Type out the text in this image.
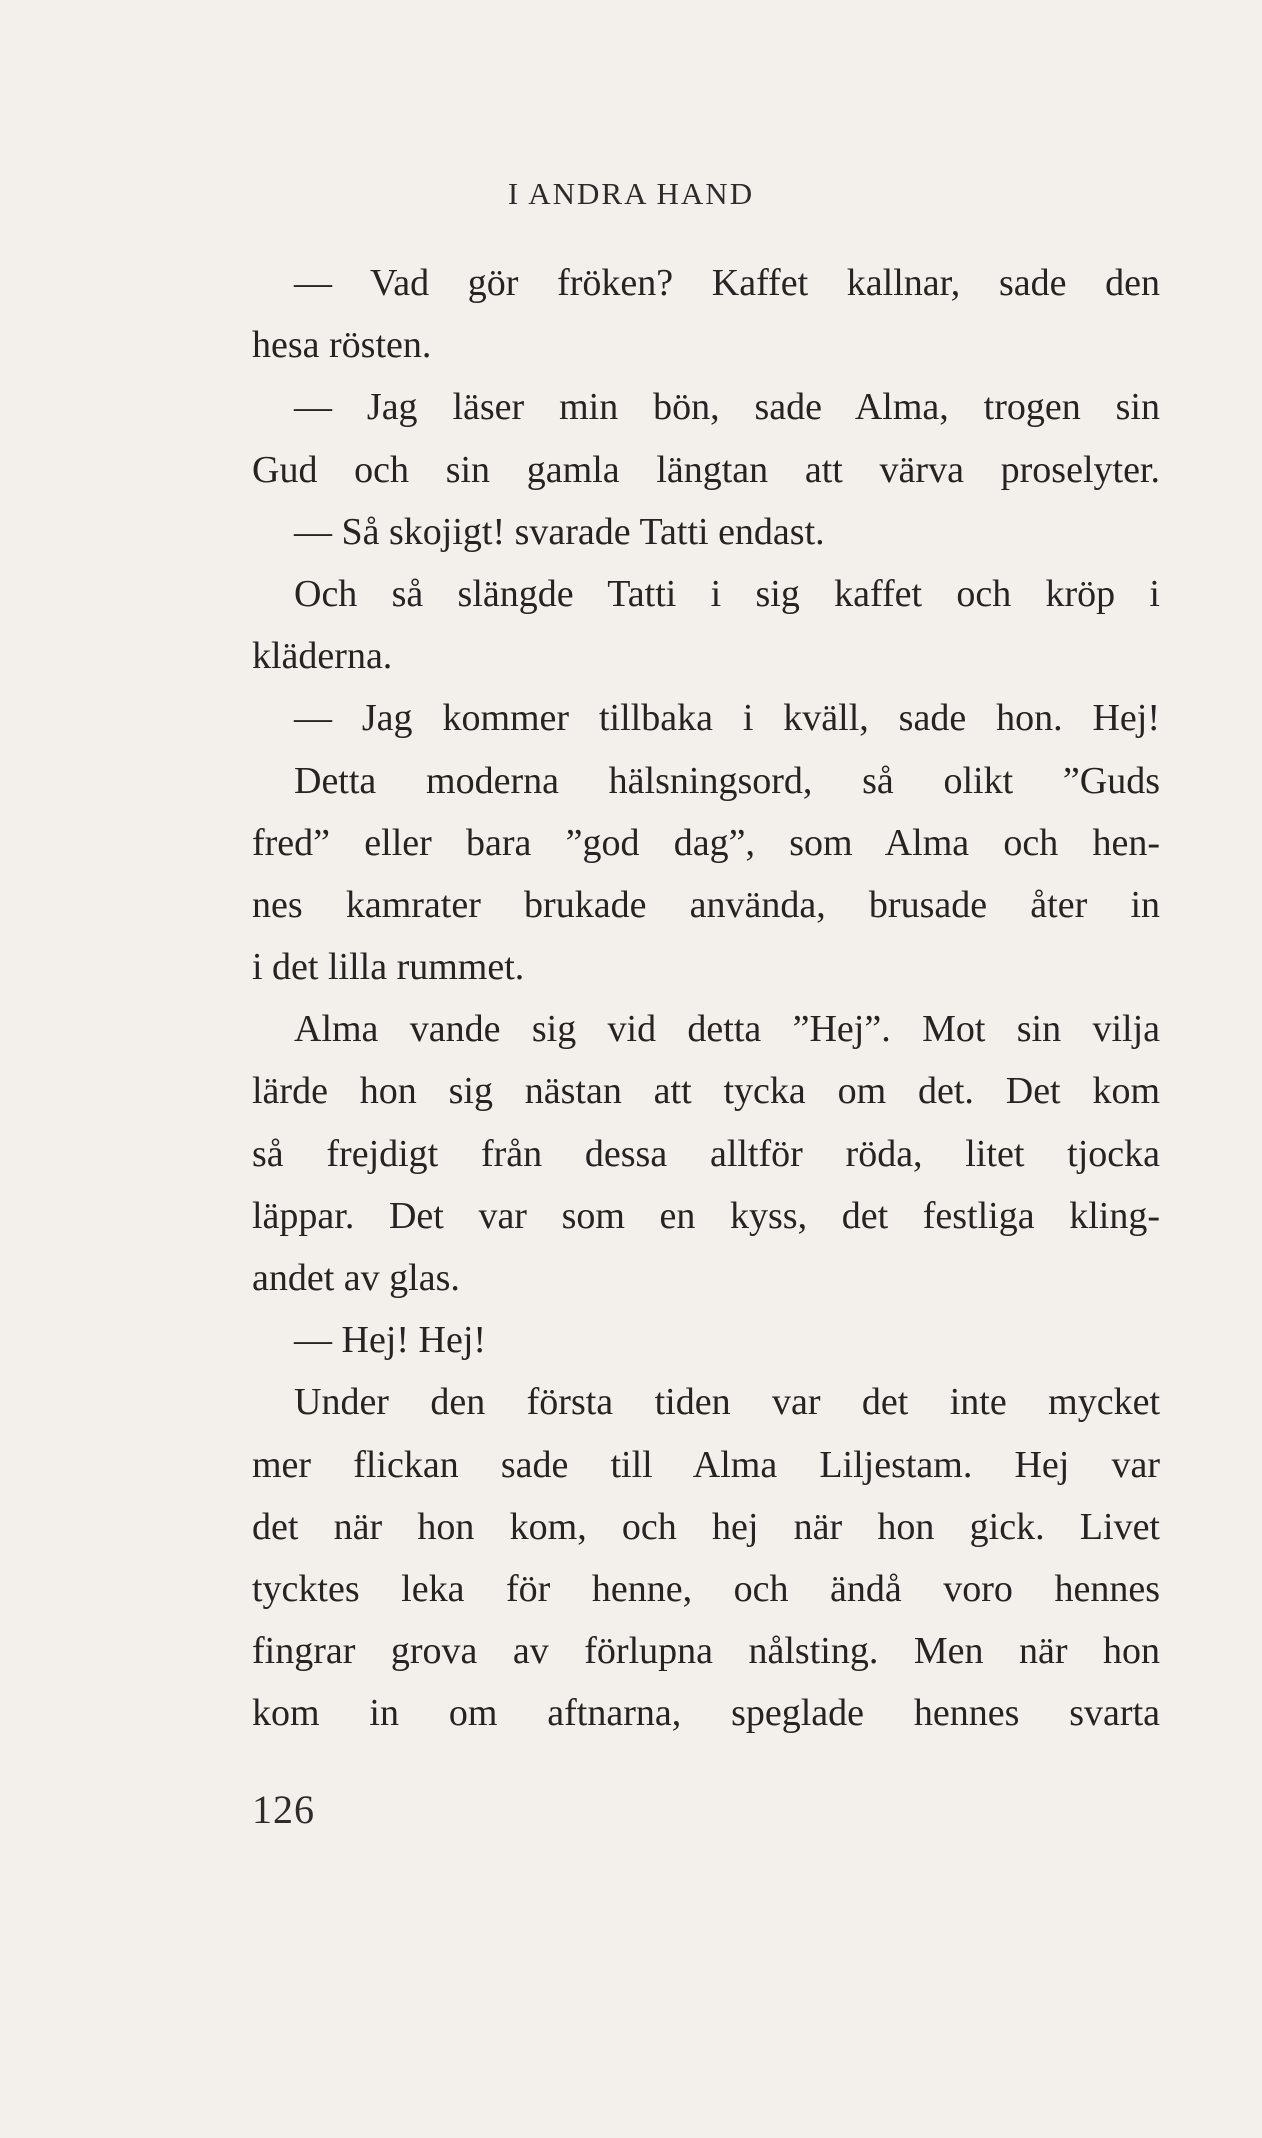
I ANDRA HAND
— Vad gör fröken? Kaffet kallnar, sade den
hesa rösten.
— Jag läser min bön, sade Alma, trogen sin
Gud och sin gamla längtan att värva proselyter.
— Så skojigt! svarade Tatti endast.
Och så slängde Tatti i sig kaffet och kröp i
kläderna.
— Jag kommer tillbaka i kväll, sade hon. Hej!
Detta moderna hälsningsord, så olikt ”Guds
fred” eller bara ”god dag”, som Alma och hen-
nes kamrater brukade använda, brusade åter in
i det lilla rummet.
Alma vande sig vid detta ”Hej”. Mot sin vilja
lärde hon sig nästan att tycka om det. Det kom
så frejdigt från dessa alltför röda, litet tjocka
läppar. Det var som en kyss, det festliga kling-
andet av glas.
— Hej! Hej!
Under den första tiden var det inte mycket
mer flickan sade till Alma Liljestam. Hej var
det när hon kom, och hej när hon gick. Livet
tycktes leka för henne, och ändå voro hennes
fingrar grova av förlupna nålsting. Men när hon
kom in om aftnarna, speglade hennes svarta
126
